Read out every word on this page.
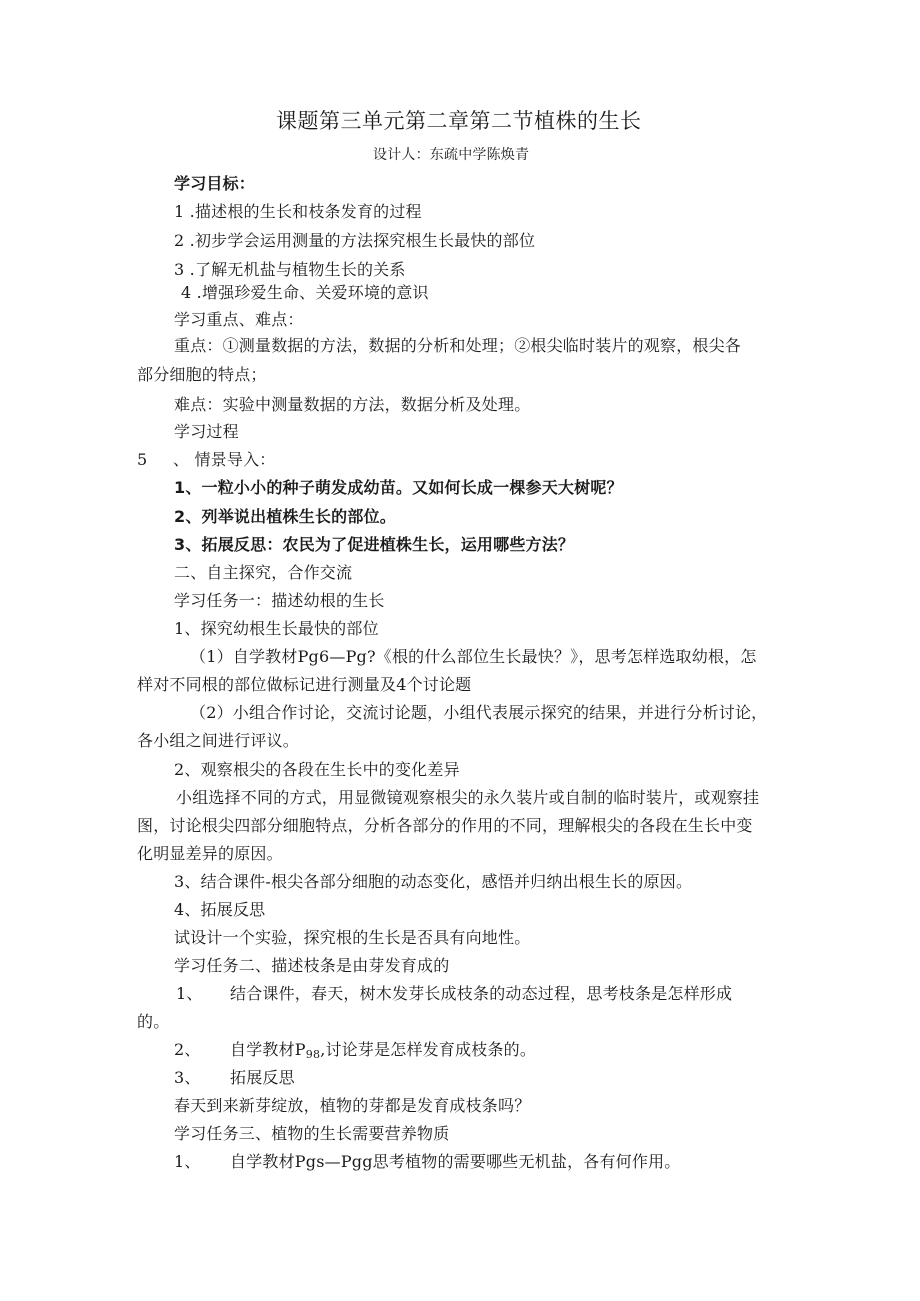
课题第三单元第二章第二节植株的生长
设计人：东疏中学陈焕青
学习目标：
1 .描述根的生长和枝条发育的过程
2 .初步学会运用测量的方法探究根生长最快的部位
3 .了解无机盐与植物生长的关系
4 .增强珍爱生命、关爱环境的意识
学习重点、难点：
重点：①测量数据的方法，数据的分析和处理；②根尖临时装片的观察，根尖各
部分细胞的特点；
难点：实验中测量数据的方法，数据分析及处理。
学习过程
5 、 情景导入：
1、一粒小小的种子萌发成幼苗。又如何长成一棵参天大树呢？
2、列举说出植株生长的部位。
3、拓展反思：农民为了促进植株生长，运用哪些方法？
二、自主探究，合作交流
学习任务一：描述幼根的生长
1、探究幼根生长最快的部位
（1）自学教材Pg6—Pg?《根的什么部位生长最快？》，思考怎样选取幼根，怎
样对不同根的部位做标记进行测量及4个讨论题
（2）小组合作讨论，交流讨论题，小组代表展示探究的结果，并进行分析讨论，
各小组之间进行评议。
2、观察根尖的各段在生长中的变化差异
小组选择不同的方式，用显微镜观察根尖的永久装片或自制的临时装片，或观察挂
图，讨论根尖四部分细胞特点，分析各部分的作用的不同，理解根尖的各段在生长中变
化明显差异的原因。
3、结合课件-根尖各部分细胞的动态变化，感悟并归纳出根生长的原因。
4、拓展反思
试设计一个实验，探究根的生长是否具有向地性。
学习任务二、描述枝条是由芽发育成的
1、 结合课件，春天，树木发芽长成枝条的动态过程，思考枝条是怎样形成
的。
2、 自学教材$P_{98}$,讨论芽是怎样发育成枝条的。
3、 拓展反思
春天到来新芽绽放，植物的芽都是发育成枝条吗？
学习任务三、植物的生长需要营养物质
1、 自学教材Pgs—Pgg思考植物的需要哪些无机盐，各有何作用。
